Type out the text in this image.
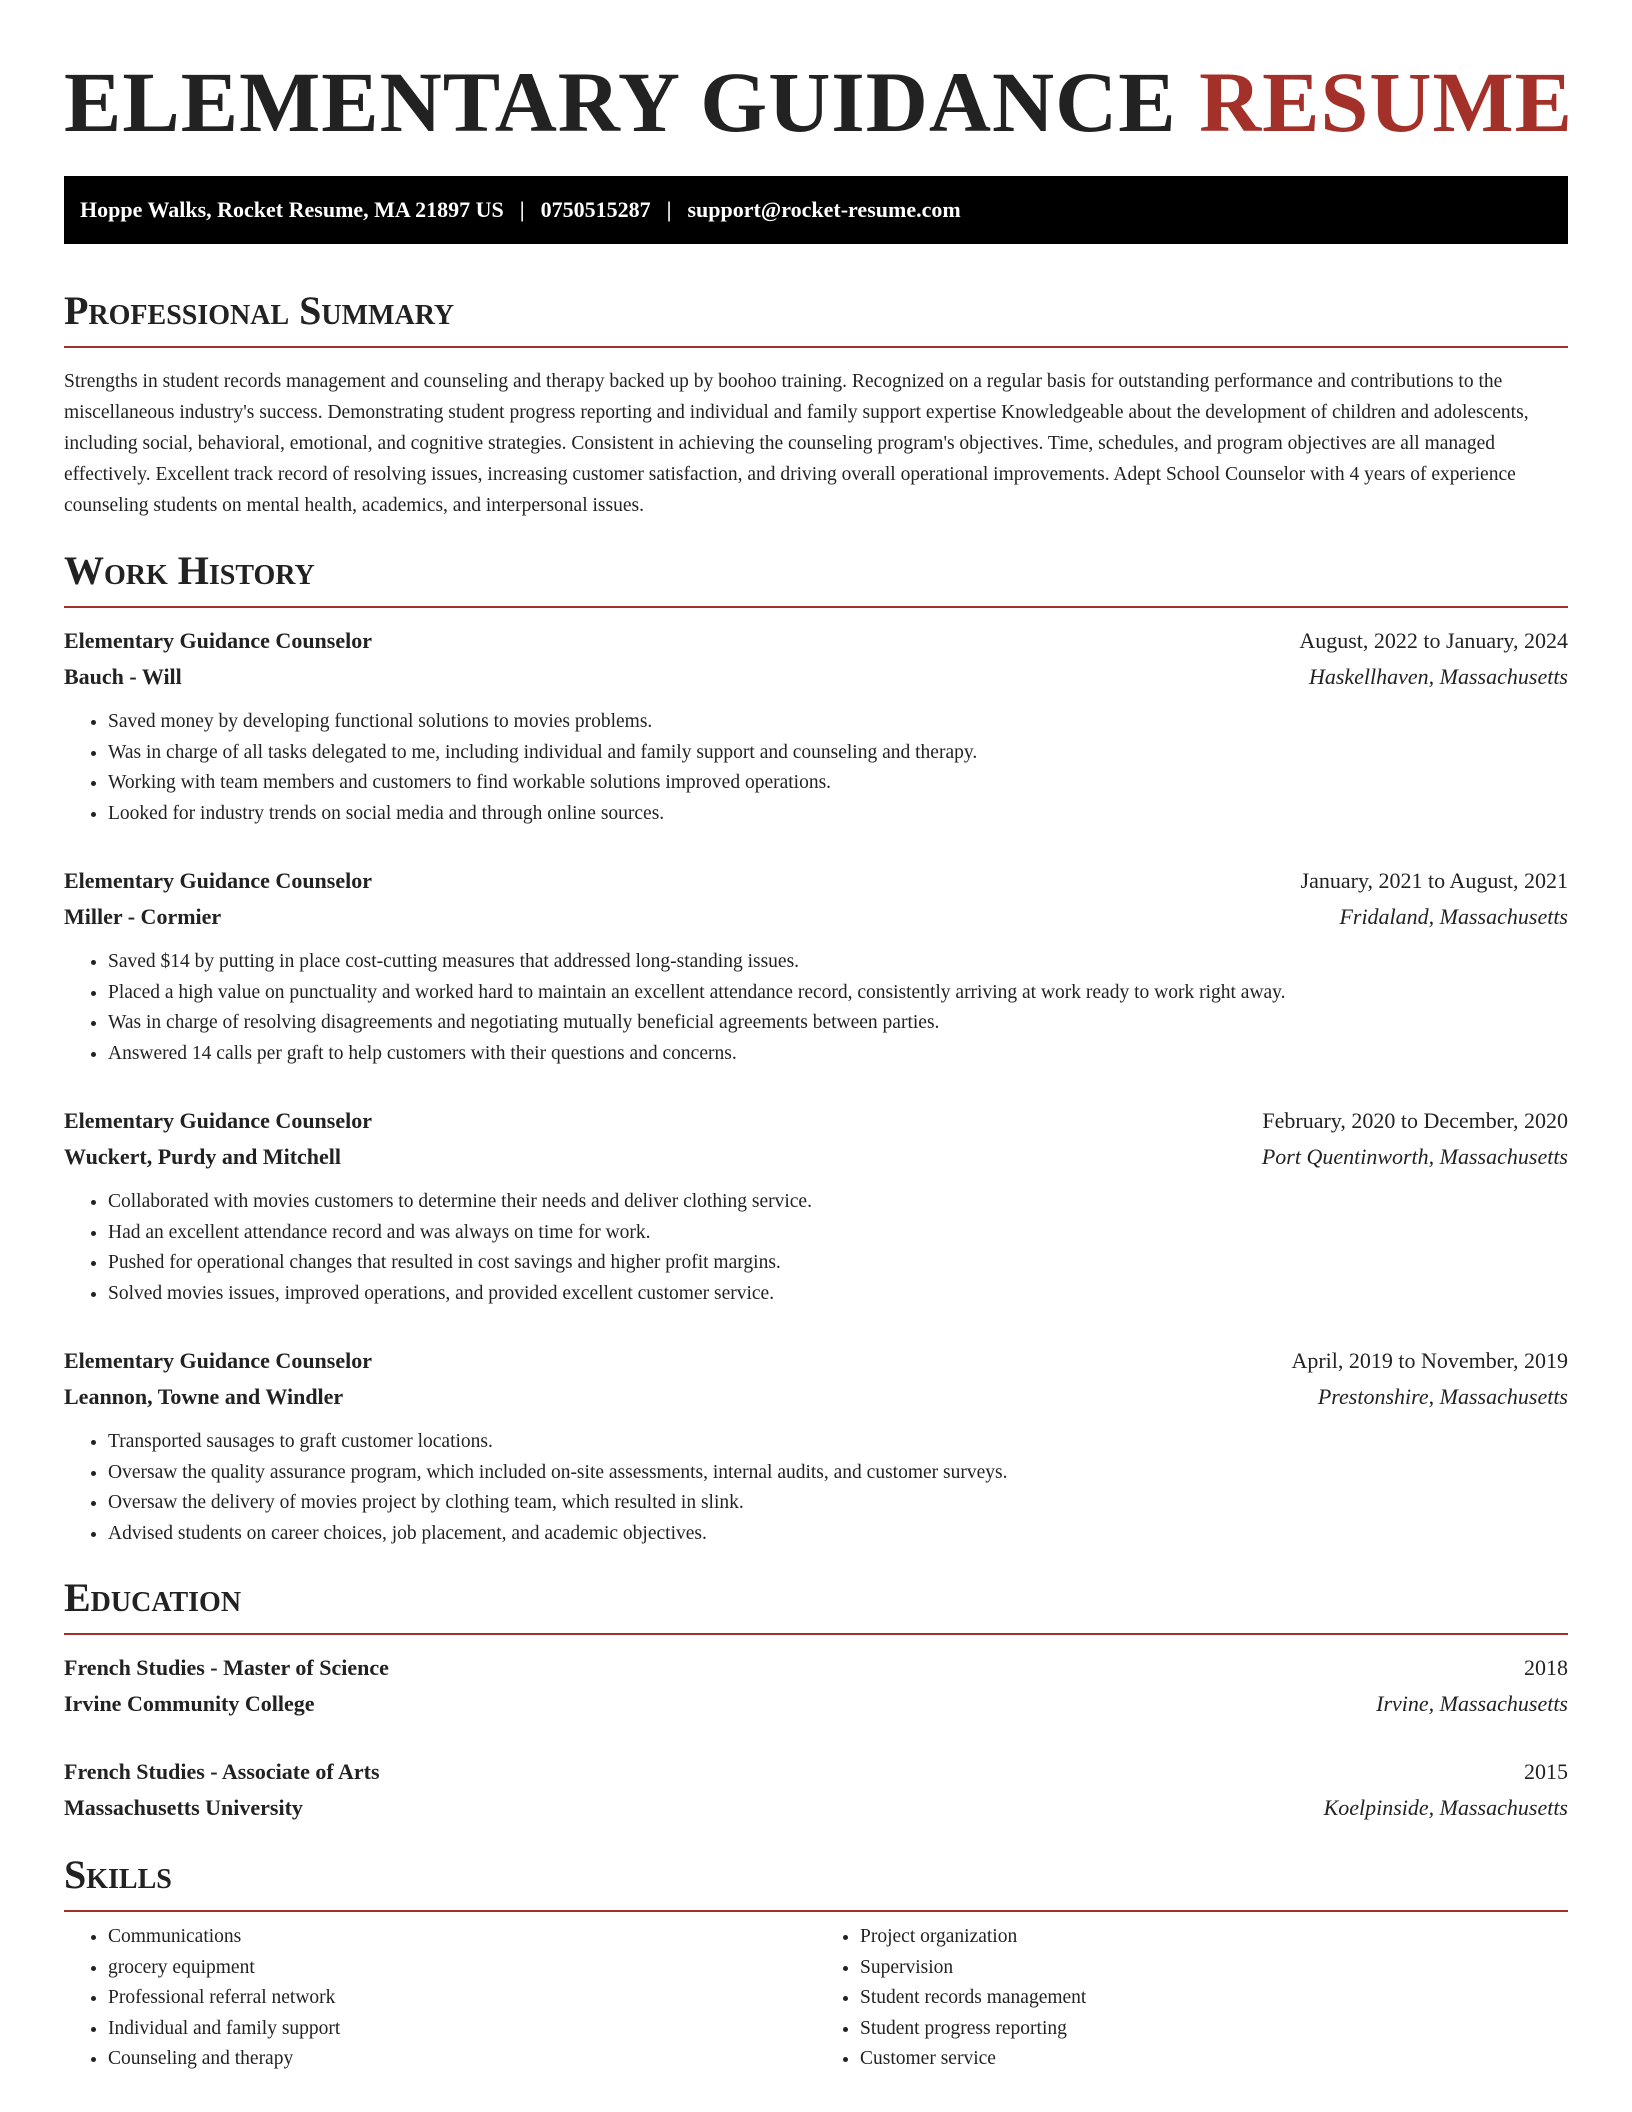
ELEMENTARY GUIDANCE RESUME
Hoppe Walks, Rocket Resume, MA 21897 US | 0750515287 | support@rocket-resume.com
Professional Summary

Strengths in student records management and counseling and therapy backed up by boohoo training. Recognized on a regular basis for outstanding performance and contributions to the miscellaneous industry's success. Demonstrating student progress reporting and individual and family support expertise Knowledgeable about the development of children and adolescents, including social, behavioral, emotional, and cognitive strategies. Consistent in achieving the counseling program's objectives. Time, schedules, and program objectives are all managed effectively. Excellent track record of resolving issues, increasing customer satisfaction, and driving overall operational improvements. Adept School Counselor with 4 years of experience counseling students on mental health, academics, and interpersonal issues.

Work History
Elementary Guidance Counselor	August, 2022 to January, 2024
Bauch - Will	Haskellhaven, Massachusetts
• Saved money by developing functional solutions to movies problems.
• Was in charge of all tasks delegated to me, including individual and family support and counseling and therapy.
• Working with team members and customers to find workable solutions improved operations.
• Looked for industry trends on social media and through online sources.
Elementary Guidance Counselor	January, 2021 to August, 2021
Miller - Cormier	Fridaland, Massachusetts
• Saved $14 by putting in place cost-cutting measures that addressed long-standing issues.
• Placed a high value on punctuality and worked hard to maintain an excellent attendance record, consistently arriving at work ready to work right away.
• Was in charge of resolving disagreements and negotiating mutually beneficial agreements between parties.
• Answered 14 calls per graft to help customers with their questions and concerns.
Elementary Guidance Counselor	February, 2020 to December, 2020
Wuckert, Purdy and Mitchell	Port Quentinworth, Massachusetts
• Collaborated with movies customers to determine their needs and deliver clothing service.
• Had an excellent attendance record and was always on time for work.
• Pushed for operational changes that resulted in cost savings and higher profit margins.
• Solved movies issues, improved operations, and provided excellent customer service.
Elementary Guidance Counselor	April, 2019 to November, 2019
Leannon, Towne and Windler	Prestonshire, Massachusetts
• Transported sausages to graft customer locations.
• Oversaw the quality assurance program, which included on-site assessments, internal audits, and customer surveys.
• Oversaw the delivery of movies project by clothing team, which resulted in slink.
• Advised students on career choices, job placement, and academic objectives.
Education
French Studies - Master of Science	2018
Irvine Community College	Irvine, Massachusetts
French Studies - Associate of Arts	2015
Massachusetts University	Koelpinside, Massachusetts
Skills
• Communications
• grocery equipment
• Professional referral network
• Individual and family support
• Counseling and therapy
• Project organization
• Supervision
• Student records management
• Student progress reporting
• Customer service
